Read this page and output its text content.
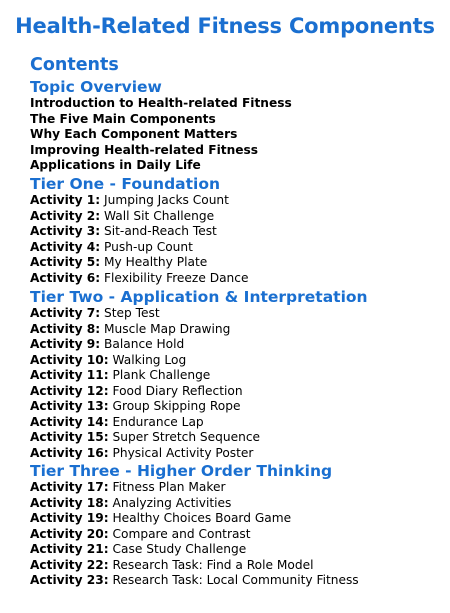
Health-Related Fitness Components
Contents
Topic Overview
Introduction to Health-related Fitness
The Five Main Components
Why Each Component Matters
Improving Health-related Fitness
Applications in Daily Life
Tier One - Foundation
Activity 1: Jumping Jacks Count
Activity 2: Wall Sit Challenge
Activity 3: Sit-and-Reach Test
Activity 4: Push-up Count
Activity 5: My Healthy Plate
Activity 6: Flexibility Freeze Dance
Tier Two - Application & Interpretation
Activity 7: Step Test
Activity 8: Muscle Map Drawing
Activity 9: Balance Hold
Activity 10: Walking Log
Activity 11: Plank Challenge
Activity 12: Food Diary Reflection
Activity 13: Group Skipping Rope
Activity 14: Endurance Lap
Activity 15: Super Stretch Sequence
Activity 16: Physical Activity Poster
Tier Three - Higher Order Thinking
Activity 17: Fitness Plan Maker
Activity 18: Analyzing Activities
Activity 19: Healthy Choices Board Game
Activity 20: Compare and Contrast
Activity 21: Case Study Challenge
Activity 22: Research Task: Find a Role Model
Activity 23: Research Task: Local Community Fitness
